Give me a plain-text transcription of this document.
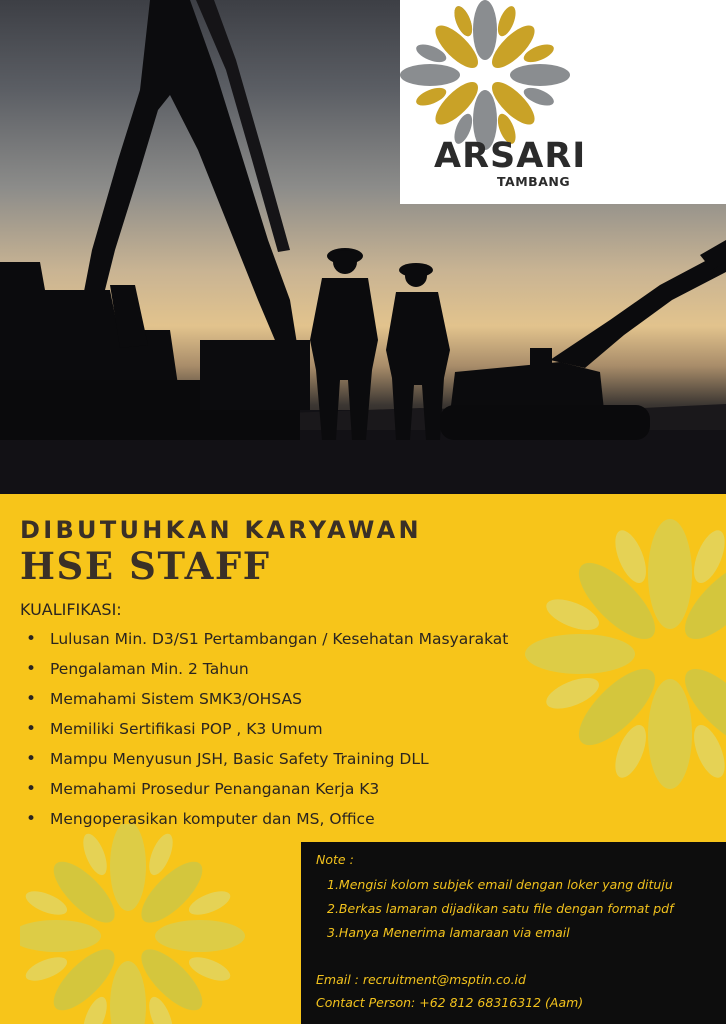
ARSARI
TAMBANG
DIBUTUHKAN KARYAWAN
HSE STAFF
KUALIFIKASI:
• Lulusan Min. D3/S1 Pertambangan / Kesehatan Masyarakat
• Pengalaman Min. 2 Tahun
• Memahami Sistem SMK3/OHSAS
• Memiliki Sertifikasi POP , K3 Umum
• Mampu Menyusun JSH, Basic Safety Training DLL
• Memahami Prosedur Penanganan Kerja K3
• Mengoperasikan komputer dan MS, Office
Note :
1.Mengisi kolom subjek email dengan loker yang dituju
2.Berkas lamaran dijadikan satu file dengan format pdf
3.Hanya Menerima lamaraan via email
Email : recruitment@msptin.co.id
Contact Person: +62 812 68316312 (Aam)
